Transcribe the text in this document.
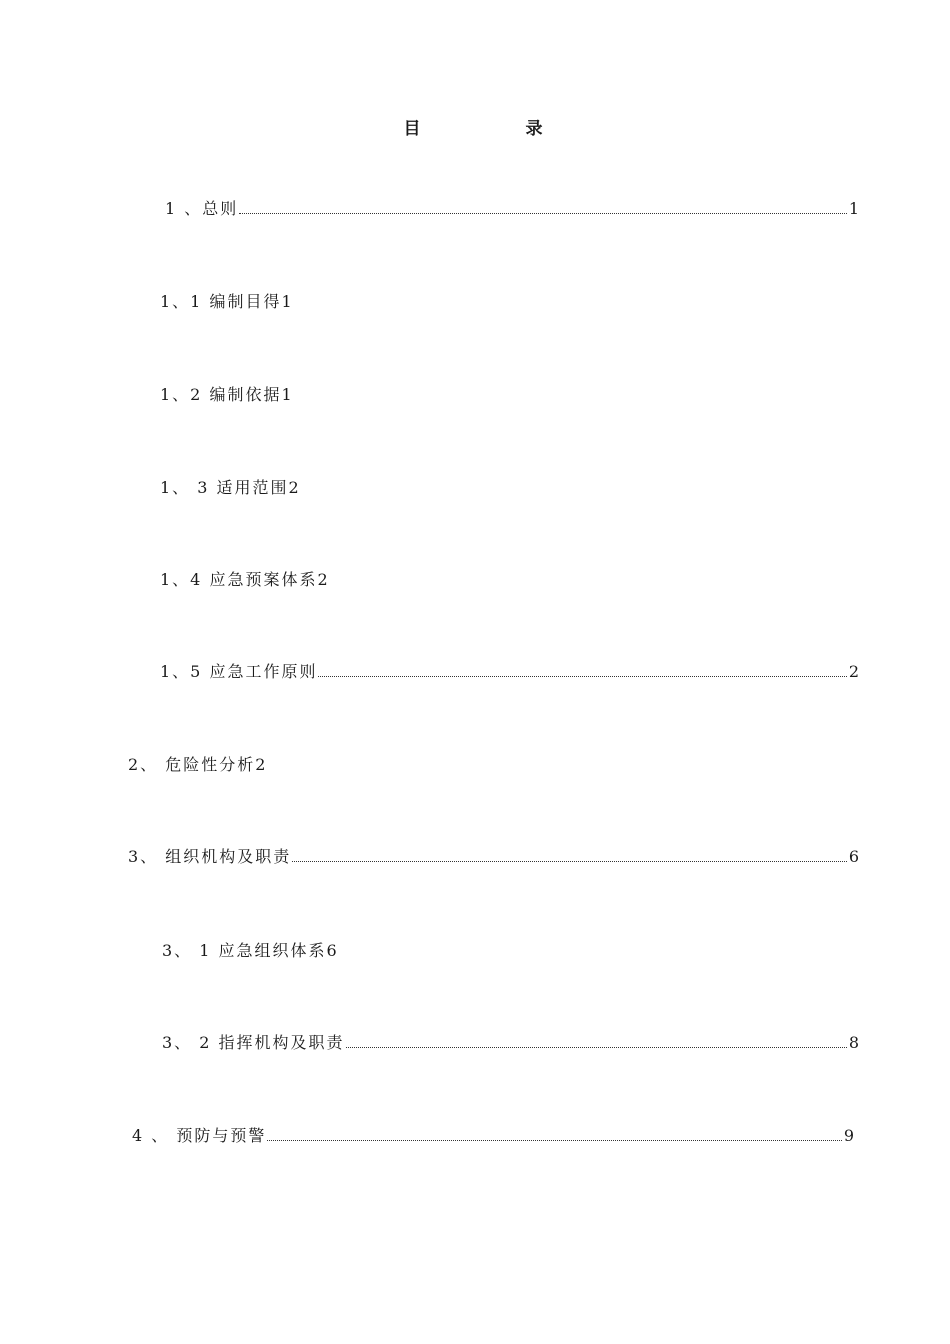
目　录
1 、总则	1
1、1 编制目得 1
1、2 编制依据 1
1、 3 适用范围 2
1、4 应急预案体系 2
1、5 应急工作原则	2
2、 危险性分析 2
3、 组织机构及职责	6
3、 1 应急组织体系 6
3、 2 指挥机构及职责	8
4 、 预防与预警	9
